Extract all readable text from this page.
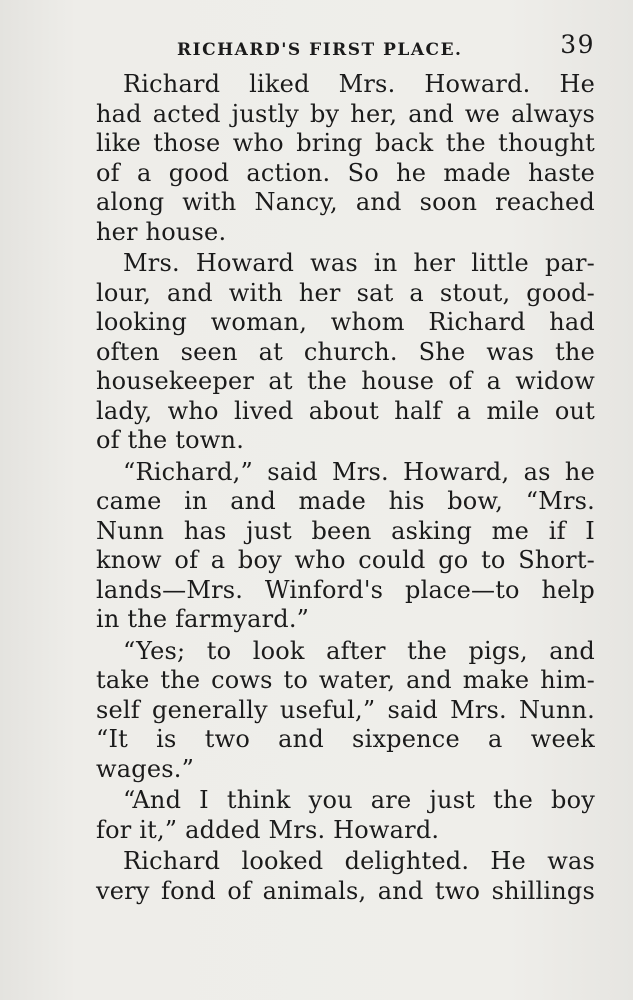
RICHARD'S FIRST PLACE.	39
Richard liked Mrs. Howard. He
had acted justly by her, and we always
like those who bring back the thought
of a good action. So he made haste
along with Nancy, and soon reached
her house.
Mrs. Howard was in her little par-
lour, and with her sat a stout, good-
looking woman, whom Richard had
often seen at church. She was the
housekeeper at the house of a widow
lady, who lived about half a mile out
of the town.
“Richard,” said Mrs. Howard, as he
came in and made his bow, “Mrs.
Nunn has just been asking me if I
know of a boy who could go to Short-
lands—Mrs. Winford's place—to help
in the farmyard.”
“Yes; to look after the pigs, and
take the cows to water, and make him-
self generally useful,” said Mrs. Nunn.
“It is two and sixpence a week
wages.”
“And I think you are just the boy
for it,” added Mrs. Howard.
Richard looked delighted. He was
very fond of animals, and two shillings
